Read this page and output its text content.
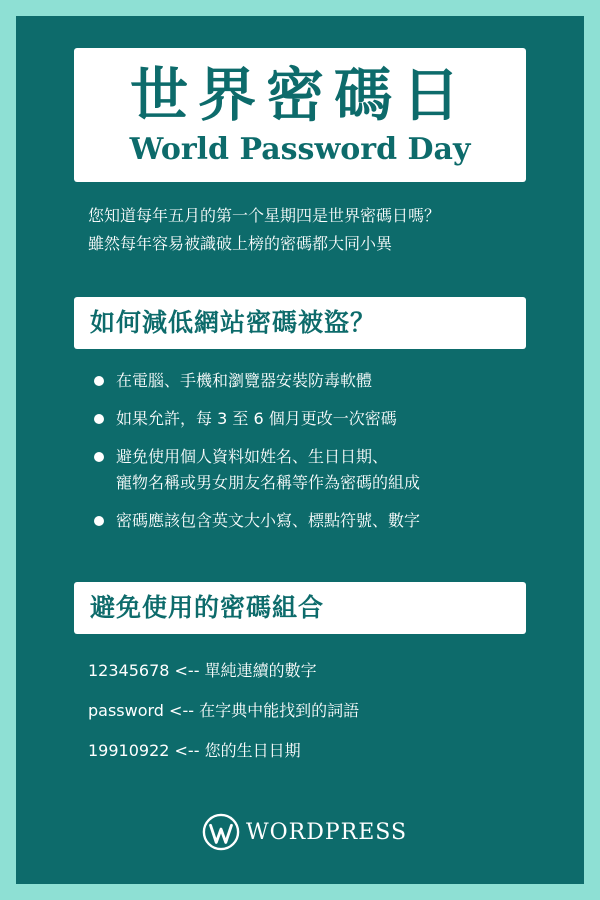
世界密碼日
World Password Day
您知道每年五月的第一个星期四是世界密碼日嗎？
雖然每年容易被識破上榜的密碼都大同小異
如何減低網站密碼被盜？
在電腦、手機和瀏覽器安裝防毒軟體
如果允許，每 3 至 6 個月更改一次密碼
避免使用個人資料如姓名、生日日期、
寵物名稱或男女朋友名稱等作為密碼的組成
密碼應該包含英文大小寫、標點符號、數字
避免使用的密碼組合
12345678 <-- 單純連續的數字
password <-- 在字典中能找到的詞語
19910922 <-- 您的生日日期
WORDPRESS
